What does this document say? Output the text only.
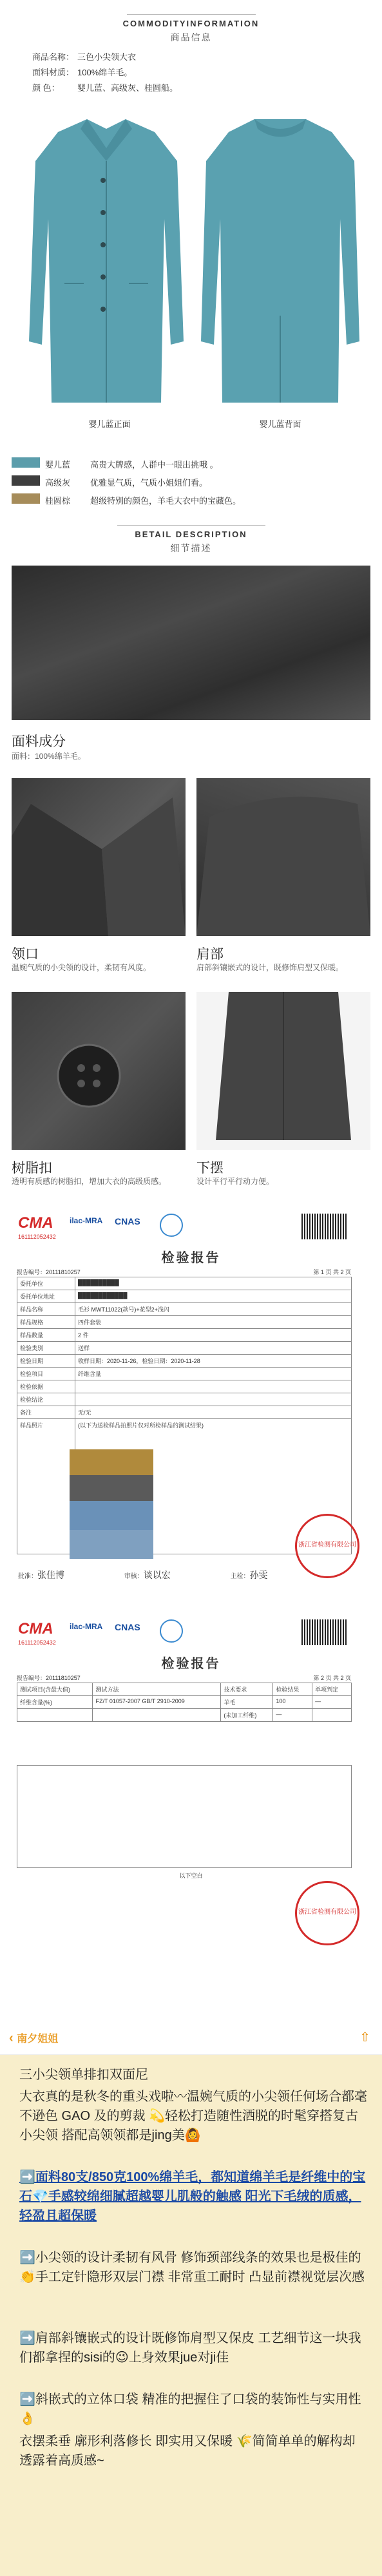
COMMODITYINFORMATION
商品信息
商品名称： 三色小尖领大衣
面料材质： 100%绵羊毛。
颜 色： 婴儿蓝、高级灰、桂圆船。
婴儿蓝正面	婴儿蓝背面
婴儿蓝 高贵大牌感，人群中一眼出挑哦 。
高级灰 优雅显气质，气质小姐姐们看。
桂圆棕 超级特别的颜色，羊毛大衣中的宝藏色。
BETAIL DESCRIPTION
细节描述
面料成分
面料：100%绵羊毛。
领口
温婉气质的小尖领的设计，柔韧有风度。
肩部
肩部斜镶嵌式的设计，既修饰肩型又保暖。
树脂扣
透明有质感的树脂扣，增加大衣的高级质感。
下摆
设计平行平行动力便。
CMA
161112052432
ilac-MRA CNAS
检验报告
报告编号：20111810257	第 1 页 共 2 页
委托单位	██████████
委托单位地址	████████████
样品名称	毛衫 MWT11022(款号)+花型2+浅闪
样品规格	四件套装
样品数量	2 件
检验类别	送样
检验日期	收样日期：2020-11-26，检验日期：2020-11-28
检验项目	纤维含量
检验依据	
检验结论	
备注	无/无
样品照片	(以下为送检样品拍照片仅对所检样品的测试结果)
批准：张佳博	审核：谈以宏	主检：孙雯
浙江省检测有限公司
CMA
161112052432
ilac-MRA CNAS
检验报告
报告编号：20111810257	第 2 页 共 2 页
测试项目(含最大值)	测试方法	技术要求	检验结果	单项判定
纤维含量(%)	FZ/T 01057-2007 GB/T 2910-2009	羊毛	100	—
		(未加工纤维)	—	
以下空白
浙江省检测有限公司
‹ 南夕姐姐	⇧
三小尖领单排扣双面尼
大衣真的是秋冬的重头戏啦〰温婉气质的小尖领任何场合都毫不逊色 GAO 及的剪裁 💫轻松打造随性洒脱的时髦穿搭复古小尖领 搭配高领领都是jing美🙆
➡️面料80支/850克100%绵羊毛，都知道绵羊毛是纤维中的宝石💎手感较绵细腻超越婴儿肌般的触感 阳光下毛绒的质感，轻盈且超保暖
➡️小尖领的设计柔韧有风骨 修饰颈部线条的效果也是极佳的👏手工定针隐形双层门襟 非常重工耐时 凸显前襟视觉层次感
➡️肩部斜镶嵌式的设计既修饰肩型又保皮 工艺细节这一块我们都拿捏的sisi的😉上身效果jue对ji佳
➡️斜嵌式的立体口袋 精准的把握住了口袋的装饰性与实用性👌
衣摆柔垂 廓形利落修长 即实用又保暖 🌾简简单单的解构却透露着高质感~
